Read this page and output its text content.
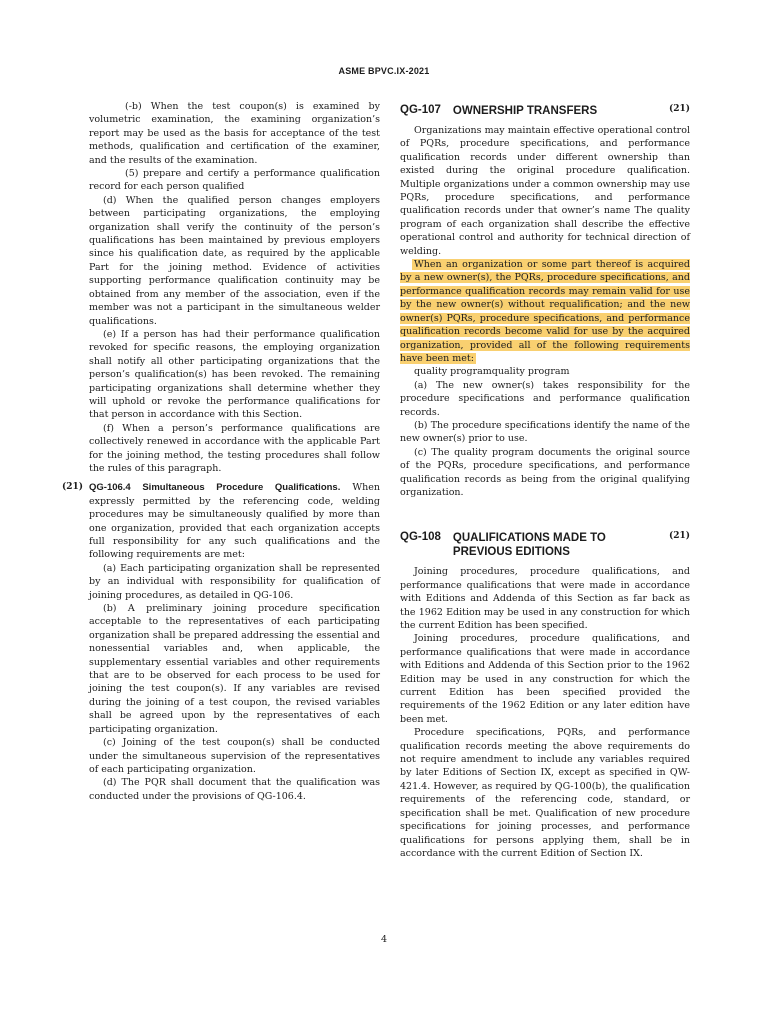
ASME BPVC.IX-2021

(-b) When the test coupon(s) is examined by volumetric examination, the examining organization’s report may be used as the basis for acceptance of the test methods, qualification and certification of the examiner, and the results of the examination.

(5) prepare and certify a performance qualification record for each person qualified

(d) When the qualified person changes employers between participating organizations, the employing organization shall verify the continuity of the person’s qualifications has been maintained by previous employers since his qualification date, as required by the applicable Part for the joining method. Evidence of activities supporting performance qualification continuity may be obtained from any member of the association, even if the member was not a participant in the simultaneous welder qualifications.

(e) If a person has had their performance qualification revoked for specific reasons, the employing organization shall notify all other participating organizations that the person’s qualification(s) has been revoked. The remaining participating organizations shall determine whether they will uphold or revoke the performance qualifications for that person in accordance with this Section.

(f) When a person’s performance qualifications are collectively renewed in accordance with the applicable Part for the joining method, the testing procedures shall follow the rules of this paragraph.

(21) QG-106.4 Simultaneous Procedure Qualifications. When expressly permitted by the referencing code, welding procedures may be simultaneously qualified by more than one organization, provided that each organization accepts full responsibility for any such qualifications and the following requirements are met:

(a) Each participating organization shall be represented by an individual with responsibility for qualification of joining procedures, as detailed in QG-106.

(b) A preliminary joining procedure specification acceptable to the representatives of each participating organization shall be prepared addressing the essential and nonessential variables and, when applicable, the supplementary essential variables and other requirements that are to be observed for each process to be used for joining the test coupon(s). If any variables are revised during the joining of a test coupon, the revised variables shall be agreed upon by the representatives of each participating organization.

(c) Joining of the test coupon(s) shall be conducted under the simultaneous supervision of the representatives of each participating organization.

(d) The PQR shall document that the qualification was conducted under the provisions of QG-106.4.

QG-107	OWNERSHIP TRANSFERS	(21)

Organizations may maintain effective operational control of PQRs, procedure specifications, and performance qualification records under different ownership than existed during the original procedure qualification. Multiple organizations under a common ownership may use PQRs, procedure specifications, and performance qualification records under that owner’s name The quality program of each organization shall describe the effective operational control and authority for technical direction of welding.

When an organization or some part thereof is acquired by a new owner(s), the PQRs, procedure specifications, and performance qualification records may remain valid for use by the new owner(s) without requalification; and the new owner(s) PQRs, procedure specifications, and performance qualification records become valid for use by the acquired organization, provided all of the following requirements have been met:

quality programquality program

(a) The new owner(s) takes responsibility for the procedure specifications and performance qualification records.

(b) The procedure specifications identify the name of the new owner(s) prior to use.

(c) The quality program documents the original source of the PQRs, procedure specifications, and performance qualification records as being from the original qualifying organization.

QG-108	QUALIFICATIONS MADE TO PREVIOUS EDITIONS
(21)

Joining procedures, procedure qualifications, and performance qualifications that were made in accordance with Editions and Addenda of this Section as far back as the 1962 Edition may be used in any construction for which the current Edition has been specified.

Joining procedures, procedure qualifications, and performance qualifications that were made in accordance with Editions and Addenda of this Section prior to the 1962 Edition may be used in any construction for which the current Edition has been specified provided the requirements of the 1962 Edition or any later edition have been met.

Procedure specifications, PQRs, and performance qualification records meeting the above requirements do not require amendment to include any variables required by later Editions of Section IX, except as specified in QW-421.4. However, as required by QG-100(b), the qualification requirements of the referencing code, standard, or specification shall be met. Qualification of new procedure specifications for joining processes, and performance qualifications for persons applying them, shall be in accordance with the current Edition of Section IX.

4
